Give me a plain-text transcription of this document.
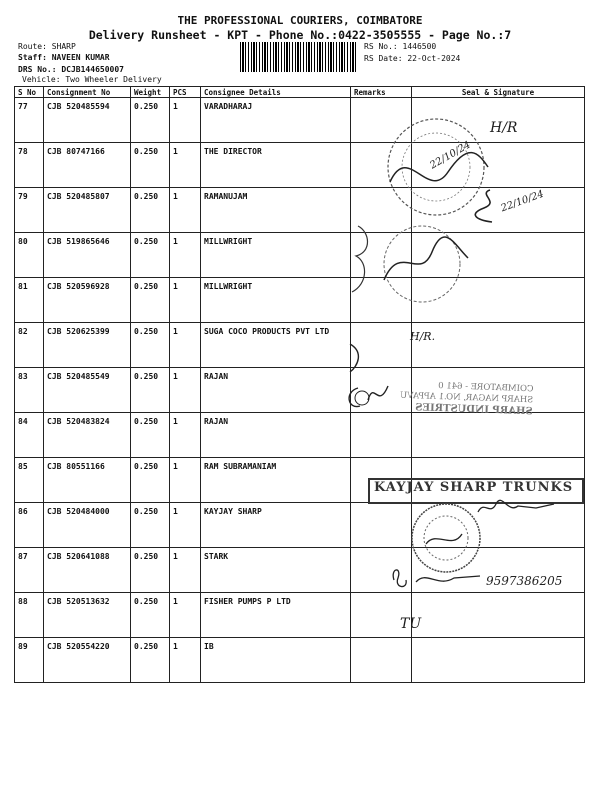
THE PROFESSIONAL COURIERS, COIMBATORE
Delivery Runsheet - KPT - Phone No.:0422-3505555 - Page No.:7
Route: SHARP
Staff: NAVEEN KUMAR
DRS No.: DCJB144650007
Vehicle: Two Wheeler Delivery
RS No.: 1446500
RS Date: 22-Oct-2024
S No	Consignment No	Weight	PCS	Consignee Details	Remarks	Seal & Signature
77	CJB 520485594	0.250	1	VARADHARAJ		
78	CJB 80747166	0.250	1	THE DIRECTOR		
79	CJB 520485807	0.250	1	RAMANUJAM		
80	CJB 519865646	0.250	1	MILLWRIGHT		
81	CJB 520596928	0.250	1	MILLWRIGHT		
82	CJB 520625399	0.250	1	SUGA COCO PRODUCTS PVT LTD		
83	CJB 520485549	0.250	1	RAJAN		
84	CJB 520483824	0.250	1	RAJAN		
85	CJB 80551166	0.250	1	RAM SUBRAMANIAM		
86	CJB 520484000	0.250	1	KAYJAY SHARP		
87	CJB 520641088	0.250	1	STARK		
88	CJB 520513632	0.250	1	FISHER PUMPS P LTD		
89	CJB 520554220	0.250	1	IB		
H/R
22/10/24
22/10/24
H/R.
COIMBATORE - 641 0
SHARP NAGAR, NO.1 APPAVU
SHARP INDUSTRIES
KAYJAY SHARP TRUNKS
9597386205
TU
